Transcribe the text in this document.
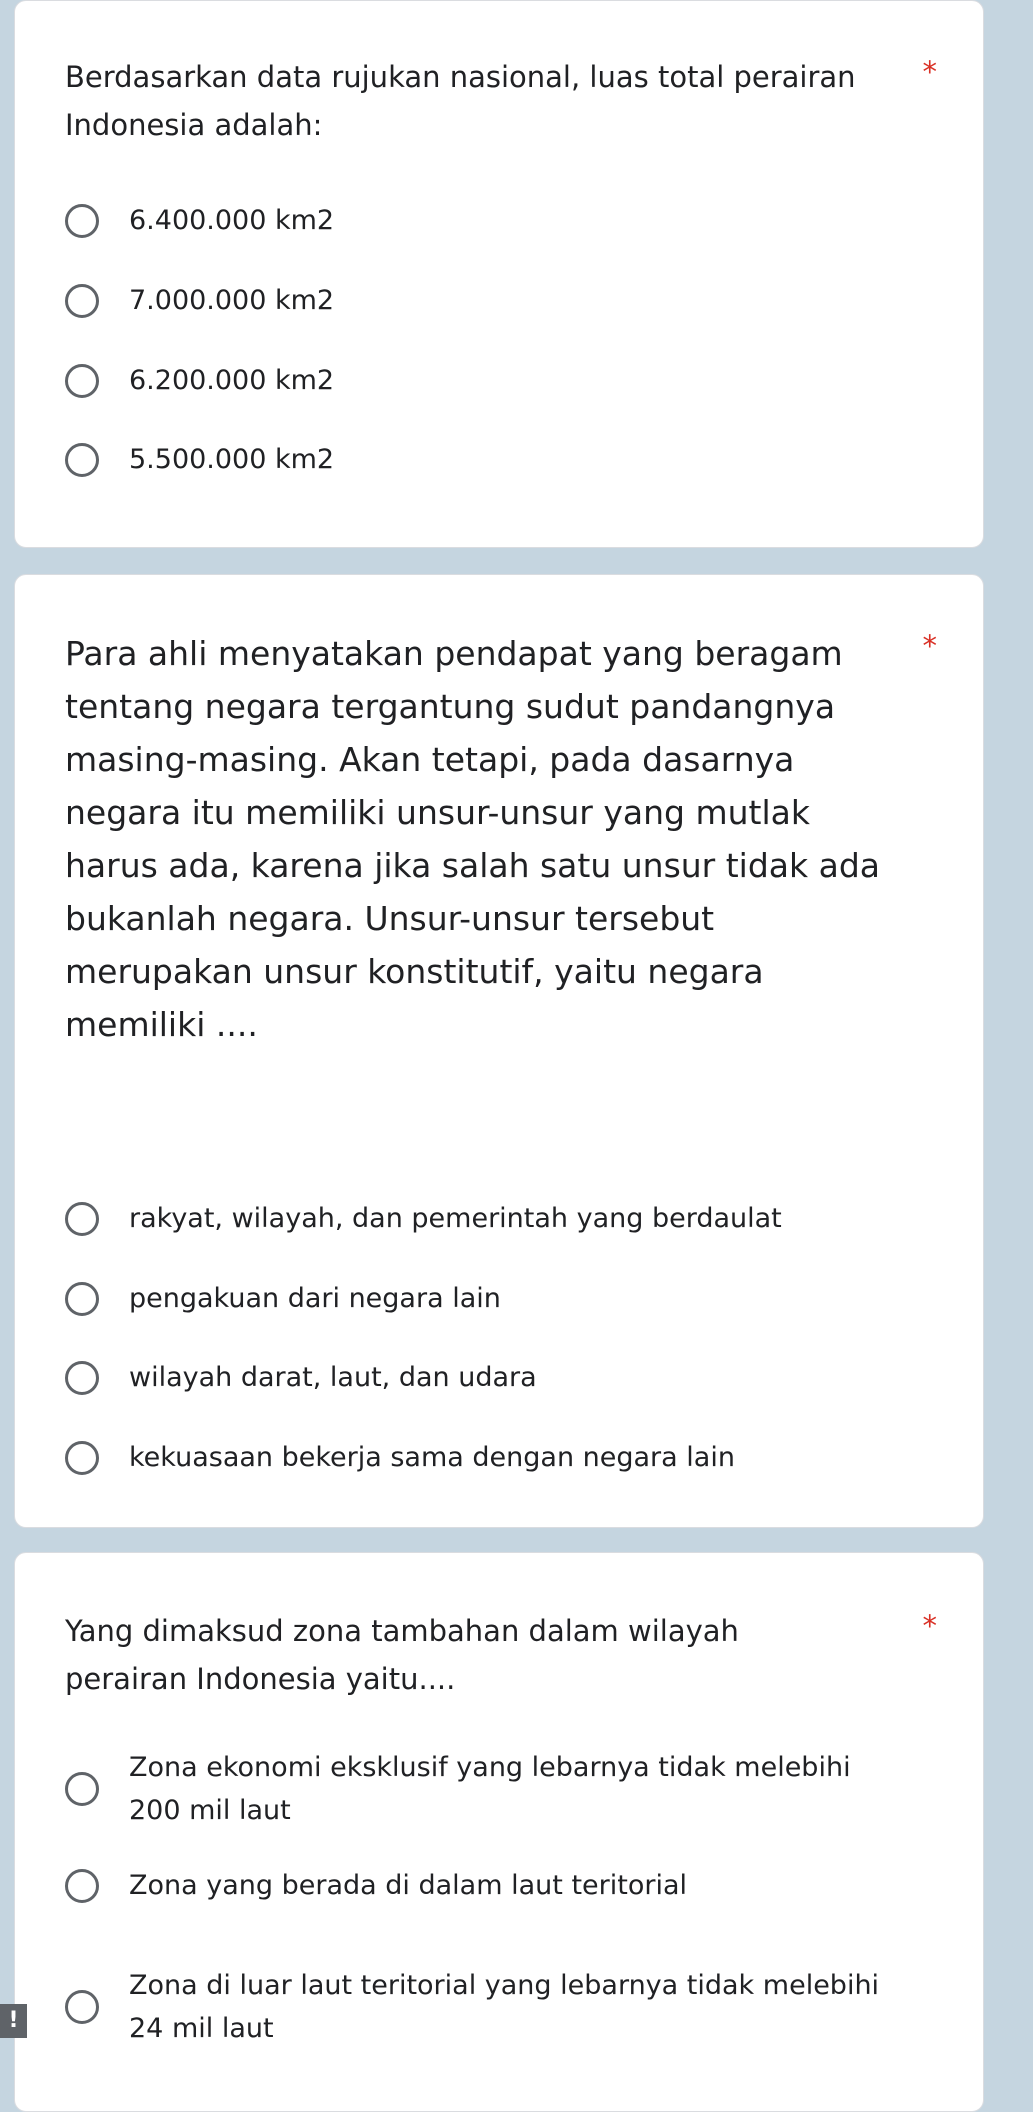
Berdasarkan data rujukan nasional, luas total perairan
Indonesia adalah:
*
6.400.000 km2
7.000.000 km2
6.200.000 km2
5.500.000 km2
Para ahli menyatakan pendapat yang beragam
tentang negara tergantung sudut pandangnya
masing-masing. Akan tetapi, pada dasarnya
negara itu memiliki unsur-unsur yang mutlak
harus ada, karena jika salah satu unsur tidak ada
bukanlah negara. Unsur-unsur tersebut
merupakan unsur konstitutif, yaitu negara
memiliki ....
*
rakyat, wilayah, dan pemerintah yang berdaulat
pengakuan dari negara lain
wilayah darat, laut, dan udara
kekuasaan bekerja sama dengan negara lain
Yang dimaksud zona tambahan dalam wilayah
perairan Indonesia yaitu....
*
Zona ekonomi eksklusif yang lebarnya tidak melebihi
200 mil laut
Zona yang berada di dalam laut teritorial
Zona di luar laut teritorial yang lebarnya tidak melebihi
24 mil laut
!
